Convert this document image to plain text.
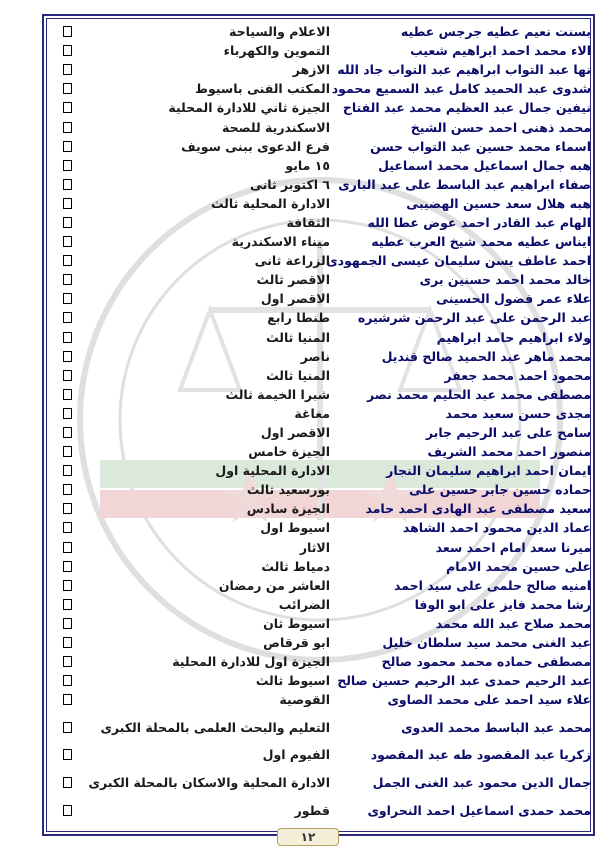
بسنت نعيم عطيه جرجس عطيه
الاعلام والسياحة
الاء محمد احمد ابراهيم شعيب
التموين والكهرباء
نها عبد التواب ابراهيم عبد التواب جاد الله
الازهر
شدوى عبد الحميد كامل عبد السميع محمود
المكتب الفنى باسيوط
نيفين جمال عبد العظيم محمد عبد الفتاح
الجيزة ثاني للادارة المحلية
محمد ذهنى احمد حسن الشيخ
الاسكندرية للصحة
اسماء محمد حسين عبد التواب حسن
فرع الدعوى ببنى سويف
هبه جمال اسماعيل محمد اسماعيل
١٥ مايو
صفاء ابراهيم عبد الباسط على عبد البارى
٦ اكتوبر ثانى
هبه هلال سعد حسين الهضيبى
الادارة المحلية ثالث
الهام عبد القادر احمد عوض عطا الله
الثقافة
ايناس عطيه محمد شيخ العرب عطيه
ميناء الاسكندرية
احمد عاطف يسن سليمان عيسى الجمهودى
الزراعة ثانى
خالد محمد احمد حسنين برى
الاقصر ثالث
علاء عمر فضول الحسينى
الاقصر اول
عبد الرحمن على عبد الرحمن شرشيره
طنطا رابع
ولاء ابراهيم حامد ابراهيم
المنيا ثالث
محمد ماهر عبد الحميد صالح قنديل
ناصر
محمود احمد محمد جعفر
المنيا ثالث
مصطفى محمد عبد الحليم محمد نصر
شبرا الخيمة ثالث
مجدى حسن سعيد محمد
مغاغة
سامح على عبد الرحيم جابر
الاقصر اول
منصور احمد محمد الشريف
الجيزة خامس
ايمان احمد ابراهيم سليمان النجار
الادارة المحلية اول
حماده حسين جابر حسين على
بورسعيد ثالث
سعيد مصطفى عبد الهادى احمد حامد
الجيزة سادس
عماد الدين محمود احمد الشاهد
اسيوط اول
ميرنا سعد امام احمد سعد
الاثار
على حسين محمد الامام
دمياط ثالث
امنيه صالح حلمى على سيد احمد
العاشر من رمضان
رشا محمد فايز على ابو الوفا
الضرائب
محمد صلاح عبد الله محمد
اسيوط ثان
عبد الغنى محمد سيد سلطان خليل
ابو قرقاص
مصطفى حماده محمد محمود صالح
الجيزة اول للادارة المحلية
عبد الرحيم حمدى عبد الرحيم حسين صالح
اسيوط ثالث
علاء سيد احمد على محمد الصاوى
القوصية
محمد عبد الباسط محمد العدوى
التعليم والبحث العلمى بالمحلة الكبرى
زكريا عبد المقصود طه عبد المقصود
الفيوم اول
جمال الدين محمود عبد الغنى الجمل
الادارة المحلية والاسكان بالمحلة الكبرى
محمد حمدى اسماعيل احمد النحراوى
قطور
١٢
